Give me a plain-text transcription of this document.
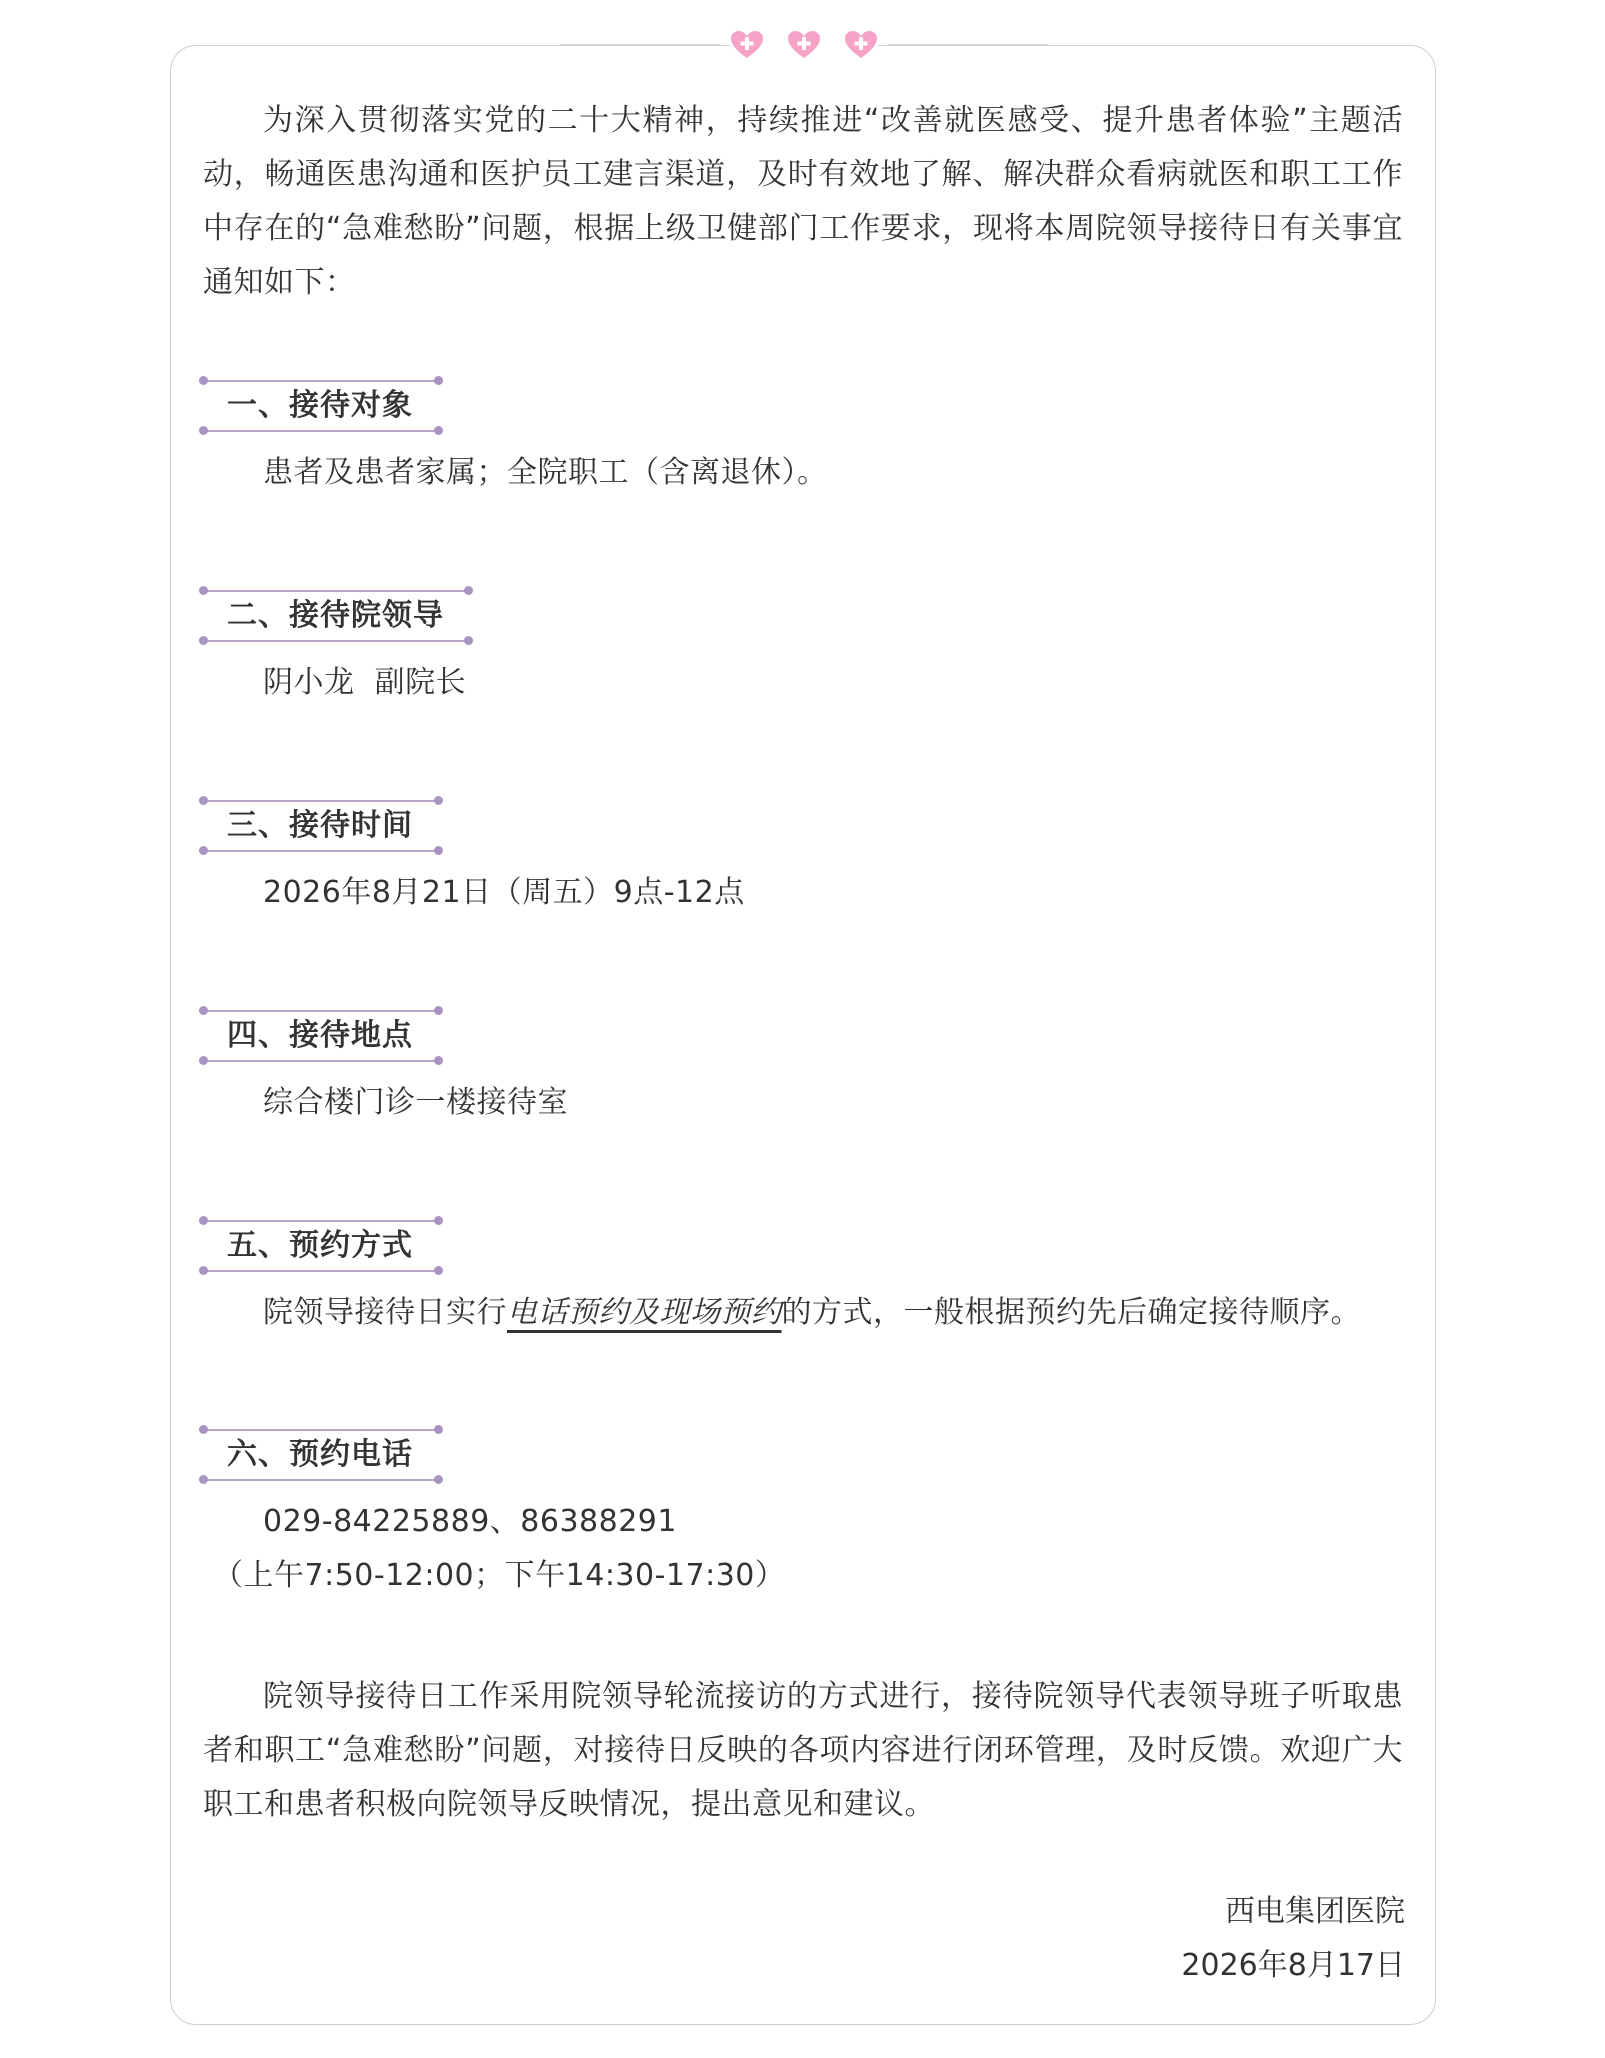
为深入贯彻落实党的二十大精神，持续推进“改善就医感受、提升患者体验”主题活动，畅通医患沟通和医护员工建言渠道，及时有效地了解、解决群众看病就医和职工工作中存在的“急难愁盼”问题，根据上级卫健部门工作要求，现将本周院领导接待日有关事宜通知如下：

一、接待对象
患者及患者家属；全院职工（含离退休）。
二、接待院领导
阴小龙  副院长
三、接待时间
2026年8月21日（周五）9点-12点
四、接待地点
综合楼门诊一楼接待室
五、预约方式
院领导接待日实行电话预约及现场预约的方式，一般根据预约先后确定接待顺序。
六、预约电话
029-84225889、86388291
（上午7:50-12:00；下午14:30-17:30）

院领导接待日工作采用院领导轮流接访的方式进行，接待院领导代表领导班子听取患者和职工“急难愁盼”问题，对接待日反映的各项内容进行闭环管理，及时反馈。欢迎广大职工和患者积极向院领导反映情况，提出意见和建议。

西电集团医院
2026年8月17日
